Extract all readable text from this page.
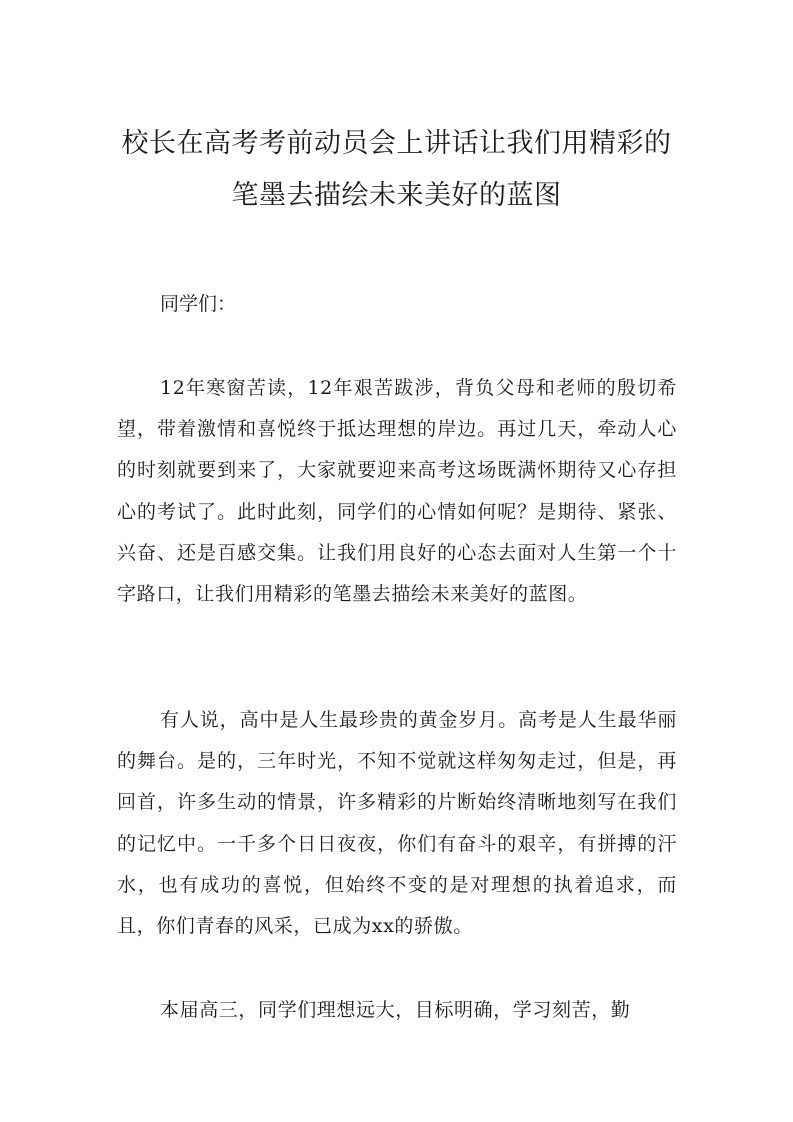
校长在高考考前动员会上讲话让我们用精彩的笔墨去描绘未来美好的蓝图

同学们：

12年寒窗苦读，12年艰苦跋涉，背负父母和老师的殷切希望，带着激情和喜悦终于抵达理想的岸边。再过几天，牵动人心的时刻就要到来了，大家就要迎来高考这场既满怀期待又心存担心的考试了。此时此刻，同学们的心情如何呢？是期待、紧张、兴奋、还是百感交集。让我们用良好的心态去面对人生第一个十字路口，让我们用精彩的笔墨去描绘未来美好的蓝图。

有人说，高中是人生最珍贵的黄金岁月。高考是人生最华丽的舞台。是的，三年时光，不知不觉就这样匆匆走过，但是，再回首，许多生动的情景，许多精彩的片断始终清晰地刻写在我们的记忆中。一千多个日日夜夜，你们有奋斗的艰辛，有拼搏的汗水，也有成功的喜悦，但始终不变的是对理想的执着追求，而且，你们青春的风采，已成为xx的骄傲。

本届高三，同学们理想远大，目标明确，学习刻苦，勤
